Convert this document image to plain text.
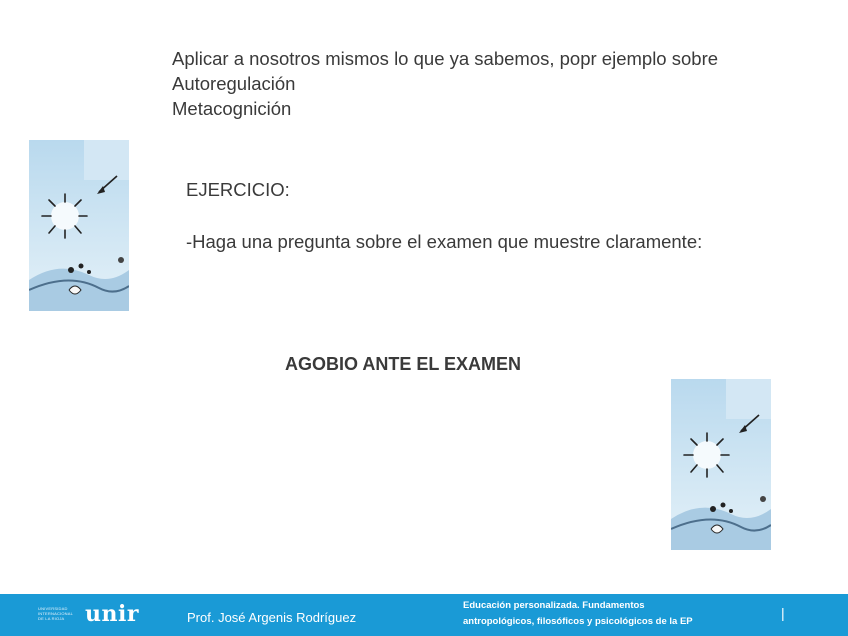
Aplicar a nosotros mismos lo que ya sabemos, popr ejemplo sobre
Autoregulación
Metacognición
EJERCICIO:
-Haga una pregunta sobre el examen que muestre claramente:
AGOBIO ANTE EL EXAMEN
UNIVERSIDAD
INTERNACIONAL
DE LA RIOJA unir	Prof. José Argenis Rodríguez
Educación personalizada. Fundamentos
antropológicos, filosóficos y psicológicos de la EP
|
